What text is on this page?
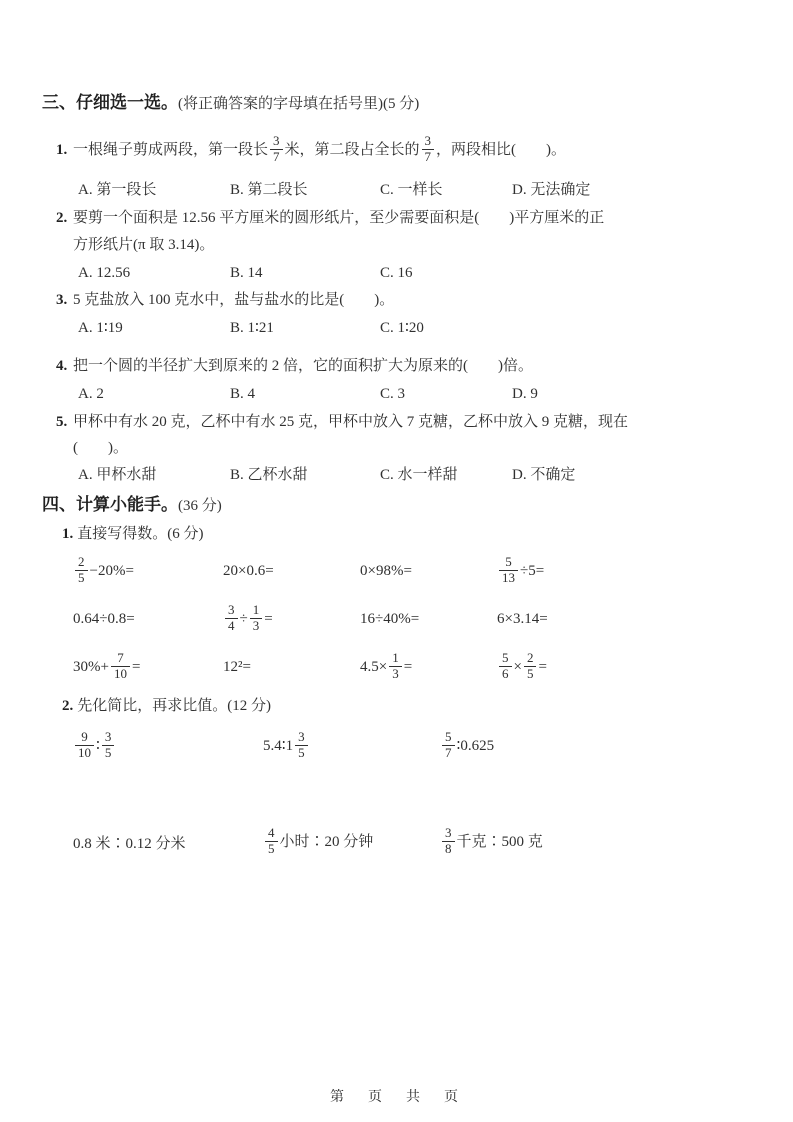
三、仔细选一选。(将正确答案的字母填在括号里)(5 分)
1. 一根绳子剪成两段，第一段长 $\frac{3}{7}$ 米，第二段占全长的 $\frac{3}{7}$ ，两段相比(　　)。
A. 第一段长	B. 第二段长	C. 一样长	D. 无法确定
2. 要剪一个面积是 12.56 平方厘米的圆形纸片，至少需要面积是(　　)平方厘米的正
方形纸片(π 取 3.14)。
A. 12.56	B. 14	C. 16
3. 5 克盐放入 100 克水中，盐与盐水的比是(　　)。
A. 1∶19	B. 1∶21	C. 1∶20
4. 把一个圆的半径扩大到原来的 2 倍，它的面积扩大为原来的(　　)倍。
A. 2	B. 4	C. 3	D. 9
5. 甲杯中有水 20 克，乙杯中有水 25 克，甲杯中放入 7 克糖，乙杯中放入 9 克糖，现在
(　　)。
A. 甲杯水甜	B. 乙杯水甜	C. 水一样甜	D. 不确定
四、计算小能手。(36 分)
1. 直接写得数。(6 分)
$\frac{2}{5} -20\%=$	20×0.6=	0×98%=	$\frac{5}{13} \div 5=$
0.64÷0.8=	$\frac{3}{4} \div \frac{1}{3}$ =	16÷40%=	6×3.14=
$30\%+ \frac{7}{10}$ =	12²=	$4.5\times \frac{1}{3}$ =	$\frac{5}{6} \times \frac{2}{5}$ =
2. 先化简比，再求比值。(12 分)
$\frac{9}{10}$ ∶ $\frac{3}{5}$	5.4∶1 $\frac{3}{5}$	$\frac{5}{7}$ ∶0.625
0.8 米∶0.12 分米	$\frac{4}{5}$ 小时∶20 分钟	$\frac{3}{8}$ 千克∶500 克
第　页　共　页
